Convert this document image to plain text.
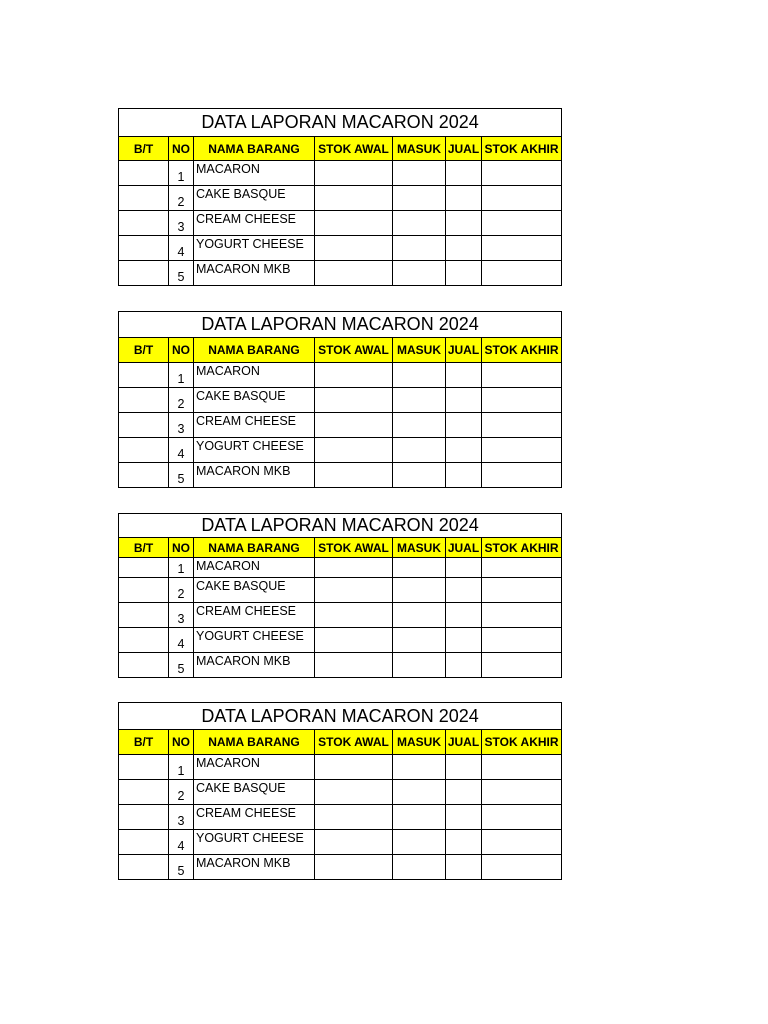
DATA LAPORAN MACARON 2024						
B/T	NO	NAMA BARANG	STOK AWAL	MASUK	JUAL	STOK AKHIR
	1	MACARON				
	2	CAKE BASQUE				
	3	CREAM CHEESE				
	4	YOGURT CHEESE				
	5	MACARON MKB				
DATA LAPORAN MACARON 2024						
B/T	NO	NAMA BARANG	STOK AWAL	MASUK	JUAL	STOK AKHIR
	1	MACARON				
	2	CAKE BASQUE				
	3	CREAM CHEESE				
	4	YOGURT CHEESE				
	5	MACARON MKB				
DATA LAPORAN MACARON 2024						
B/T	NO	NAMA BARANG	STOK AWAL	MASUK	JUAL	STOK AKHIR
	1	MACARON				
	2	CAKE BASQUE				
	3	CREAM CHEESE				
	4	YOGURT CHEESE				
	5	MACARON MKB				
DATA LAPORAN MACARON 2024						
B/T	NO	NAMA BARANG	STOK AWAL	MASUK	JUAL	STOK AKHIR
	1	MACARON				
	2	CAKE BASQUE				
	3	CREAM CHEESE				
	4	YOGURT CHEESE				
	5	MACARON MKB				
